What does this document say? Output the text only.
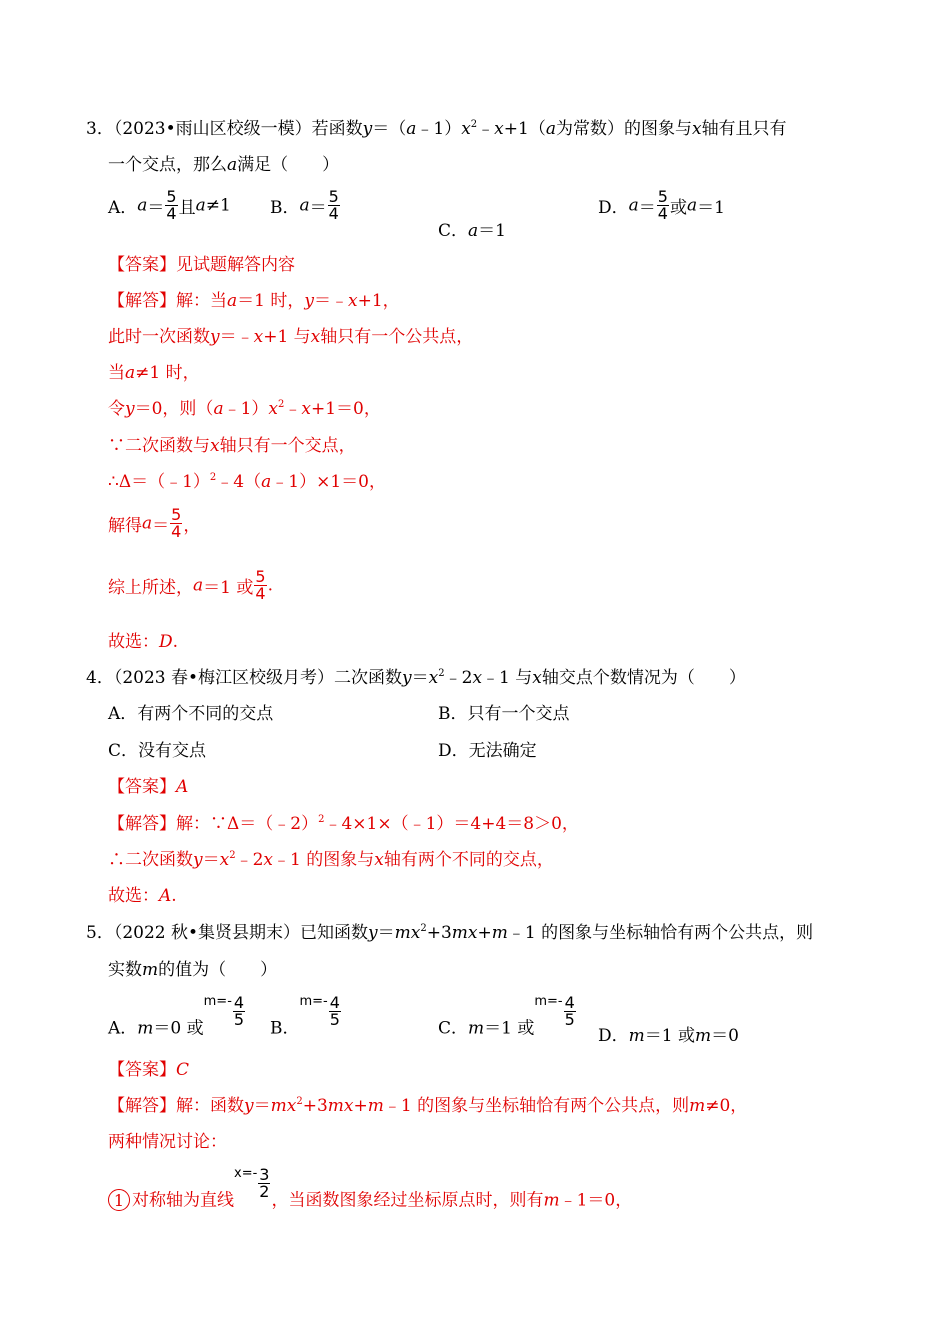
3．（2023•雨山区校级一模）若函数$y=(a﹣1)x^2﹣x+1(a$为常数）的图象与x轴有且只有
一个交点，那么a满足（　　）
A．$a= \frac{5}{4}$ 且a≠1 B．$a= \frac{5}{4}$
C．a＝1
D．$a= \frac{5}{4}$ 或a＝1
【答案】见试题解答内容
【解答】解：当a＝1 时，y＝﹣x+1，
此时一次函数y＝﹣x+1 与x轴只有一个公共点，
当a≠1 时，
令y＝0，则$(a﹣1)x^2﹣x+1=0$，
∵二次函数与x轴只有一个交点，
∴Δ＝（﹣1）$^2$﹣4（a﹣1）×1＝0，
解得$a= \frac{5}{4}$ ，
综上所述，a＝1 或 $\frac{5}{4}$ .
故选：D.
4．（2023 春•梅江区校级月考）二次函数$y=x^2﹣2x﹣1$ 与x轴交点个数情况为（　　）
A．有两个不同的交点	B．只有一个交点
C．没有交点	D．无法确定
【答案】A
【解答】解：∵Δ＝（﹣2）$^2$﹣4×1×（﹣1）＝4+4＝8＞0，
∴二次函数$y=x^2﹣2x﹣1$ 的图象与x轴有两个不同的交点，
故选：A.
5．（2022 秋•集贤县期末）已知函数$y=mx^2+3mx+m﹣1$ 的图象与坐标轴恰有两个公共点，则
实数m的值为（　　）
A．m＝0 或$m=- \frac{4}{5}$
B．$m=- \frac{4}{5}$
C．m＝1 或$m=- \frac{4}{5}$
D．m＝1 或m＝0
【答案】C
【解答】解：函数$y=mx^2+3mx+m﹣1$ 的图象与坐标轴恰有两个公共点，则m≠0，
两种情况讨论：
1 对称轴为直线$x=- \frac{3}{2}$
，当函数图象经过坐标原点时，则有m﹣1＝0，
